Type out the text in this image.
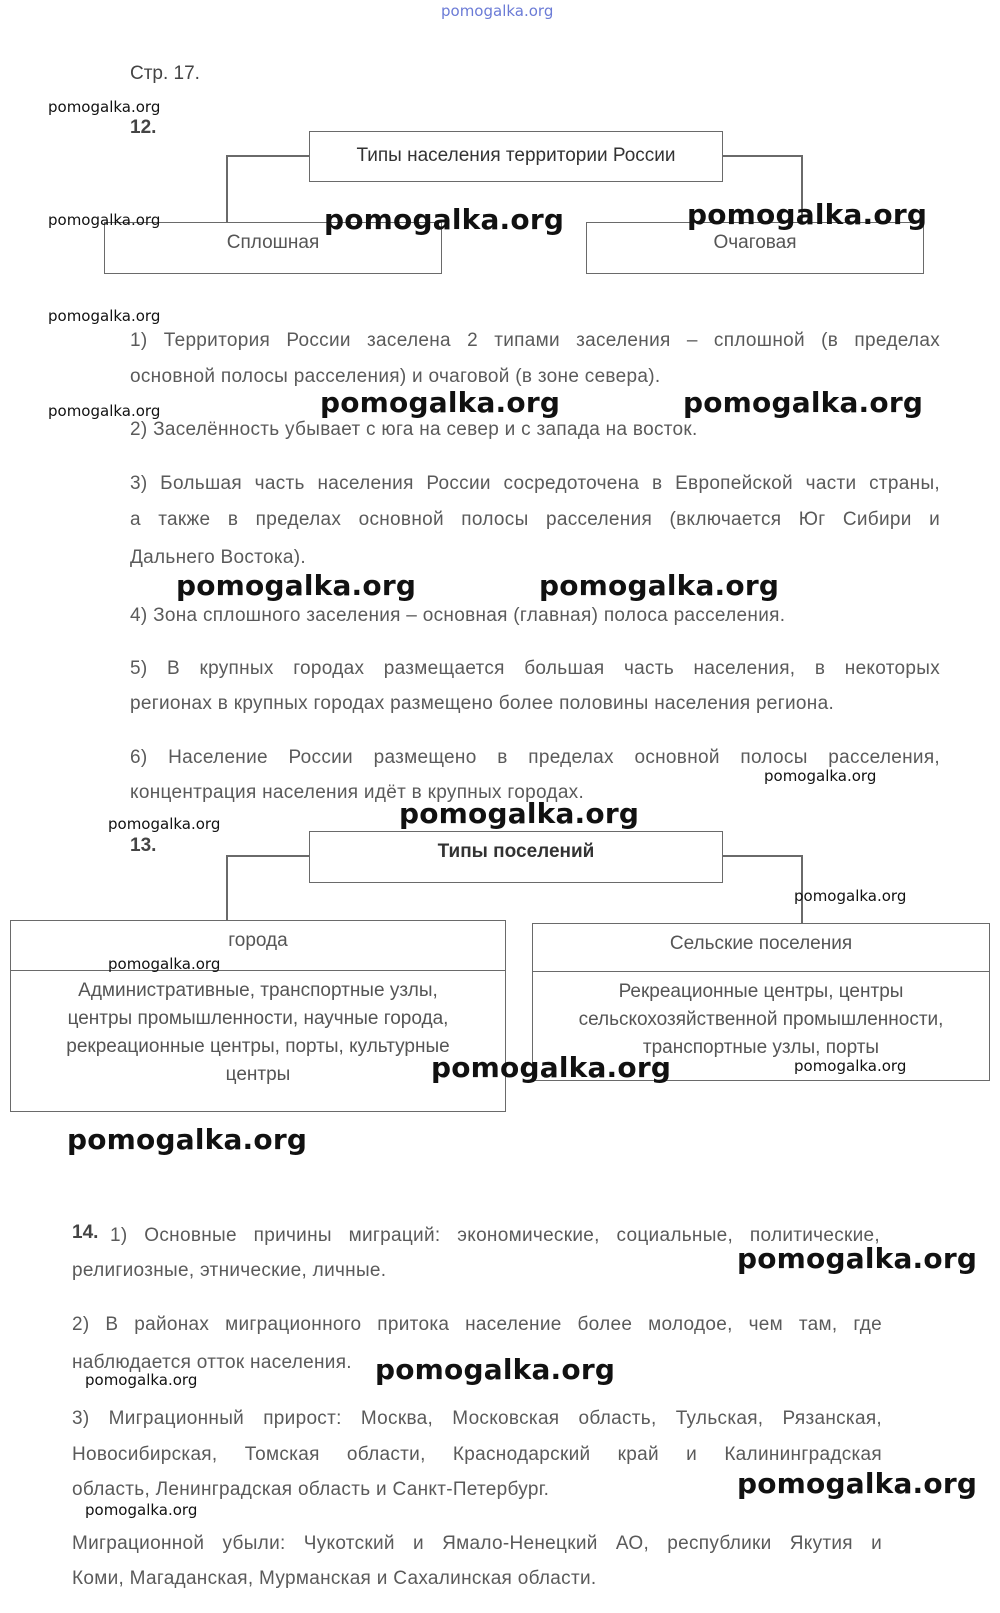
pomogalka.org
Стр. 17.
12.
Типы населения территории России
Сплошная	Очаговая
1) Территория России заселена 2 типами заселения – сплошной (в пределах
основной полосы расселения) и очаговой (в зоне севера).
2) Заселённость убывает с юга на север и с запада на восток.
3) Большая часть населения России сосредоточена в Европейской части страны,
а также в пределах основной полосы расселения (включается Юг Сибири и
Дальнего Востока).
4) Зона сплошного заселения – основная (главная) полоса расселения.
5) В крупных городах размещается большая часть населения, в некоторых
регионах в крупных городах размещено более половины населения региона.
6) Население России размещено в пределах основной полосы расселения,
концентрация населения идёт в крупных городах.
13.	Типы поселений
города
Административные, транспортные узлы,
центры промышленности, научные города,
рекреационные центры, порты, культурные
центры
Сельские поселения
Рекреационные центры, центры
сельскохозяйственной промышленности,
транспортные узлы, порты
14. 1) Основные причины миграций: экономические, социальные, политические,
религиозные, этнические, личные.
2) В районах миграционного притока население более молодое, чем там, где
наблюдается отток населения.
3) Миграционный прирост: Москва, Московская область, Тульская, Рязанская,
Новосибирская, Томская области, Краснодарский край и Калининградская
область, Ленинградская область и Санкт-Петербург.
Миграционной убыли: Чукотский и Ямало-Ненецкий АО, республики Якутия и
Коми, Магаданская, Мурманская и Сахалинская области.
pomogalka.org
pomogalka.org
pomogalka.org
pomogalka.org
pomogalka.org
pomogalka.org
pomogalka.org
pomogalka.org
pomogalka.org
pomogalka.org
pomogalka.org
pomogalka.org	pomogalka.org
pomogalka.org	pomogalka.org
pomogalka.org	pomogalka.org
pomogalka.org
pomogalka.org
pomogalka.org
pomogalka.org
pomogalka.org
pomogalka.org
